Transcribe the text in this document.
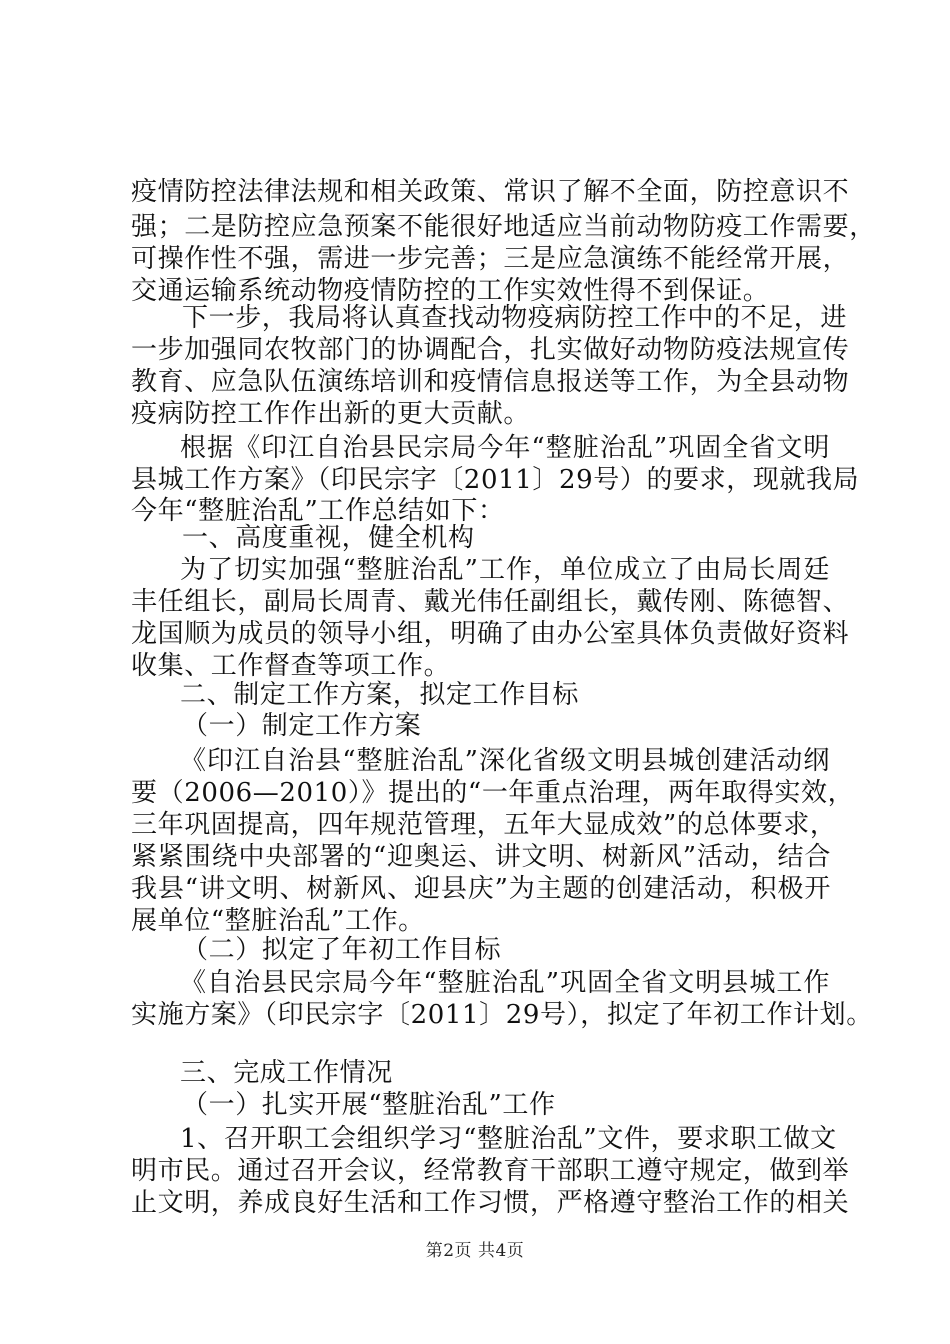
疫情防控法律法规和相关政策、常识了解不全面，防控意识不
强；二是防控应急预案不能很好地适应当前动物防疫工作需要，
可操作性不强，需进一步完善；三是应急演练不能经常开展，
交通运输系统动物疫情防控的工作实效性得不到保证。
下一步，我局将认真查找动物疫病防控工作中的不足，进
一步加强同农牧部门的协调配合，扎实做好动物防疫法规宣传
教育、应急队伍演练培训和疫情信息报送等工作，为全县动物
疫病防控工作作出新的更大贡献。
根据《印江自治县民宗局今年“整脏治乱”巩固全省文明
县城工作方案》（印民宗字〔2011〕29号）的要求，现就我局
今年“整脏治乱”工作总结如下：
一、高度重视，健全机构
为了切实加强“整脏治乱”工作，单位成立了由局长周廷
丰任组长，副局长周青、戴光伟任副组长，戴传刚、陈德智、
龙国顺为成员的领导小组，明确了由办公室具体负责做好资料
收集、工作督查等项工作。
二、制定工作方案，拟定工作目标
（一）制定工作方案
《印江自治县“整脏治乱”深化省级文明县城创建活动纲
要（2006—2010）》提出的“一年重点治理，两年取得实效，
三年巩固提高，四年规范管理，五年大显成效”的总体要求，
紧紧围绕中央部署的“迎奥运、讲文明、树新风”活动，结合
我县“讲文明、树新风、迎县庆”为主题的创建活动，积极开
展单位“整脏治乱”工作。
（二）拟定了年初工作目标
《自治县民宗局今年“整脏治乱”巩固全省文明县城工作
实施方案》（印民宗字〔2011〕29号），拟定了年初工作计划。
三、完成工作情况
（一）扎实开展“整脏治乱”工作
1、召开职工会组织学习“整脏治乱”文件，要求职工做文
明市民。通过召开会议，经常教育干部职工遵守规定，做到举
止文明，养成良好生活和工作习惯，严格遵守整治工作的相关
第2页 共4页
